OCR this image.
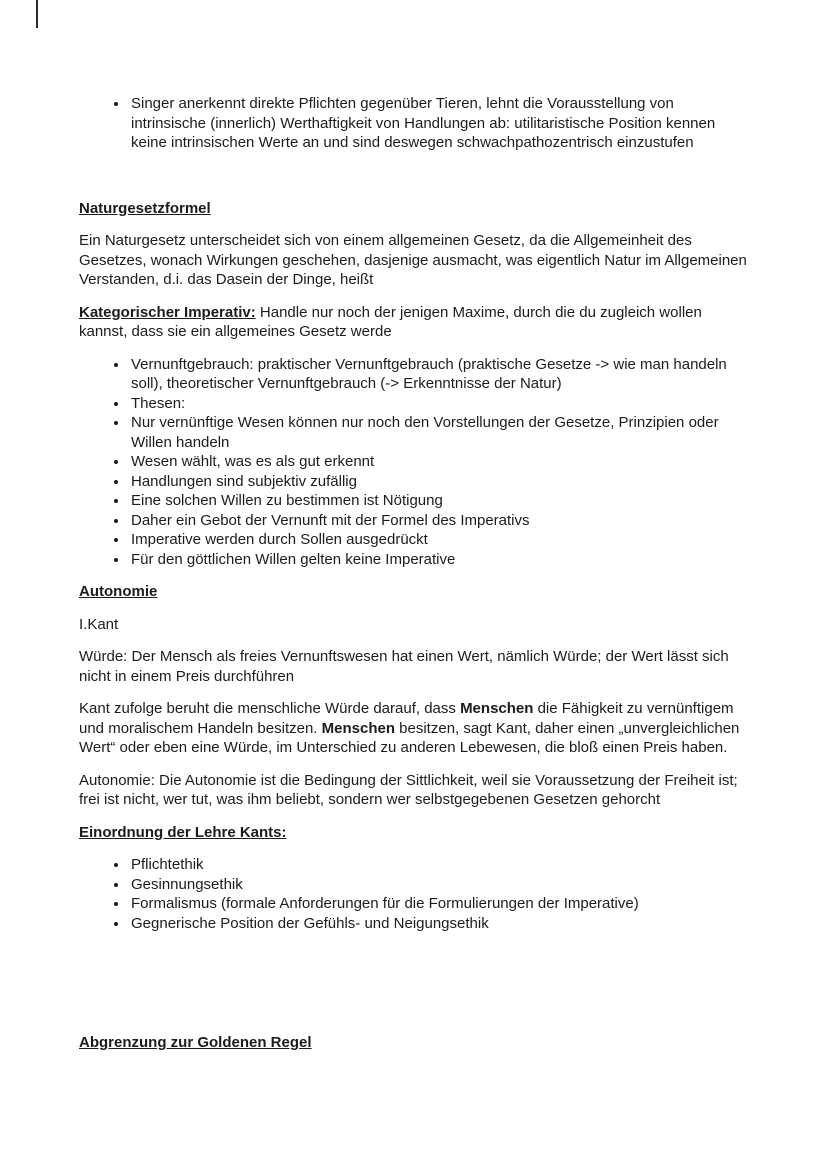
• Singer anerkennt direkte Pflichten gegenüber Tieren, lehnt die Vorausstellung von intrinsische (innerlich) Werthaftigkeit von Handlungen ab: utilitaristische Position kennen keine intrinsischen Werte an und sind deswegen schwachpathozentrisch einzustufen

Naturgesetzformel

Ein Naturgesetz unterscheidet sich von einem allgemeinen Gesetz, da die Allgemeinheit des Gesetzes, wonach Wirkungen geschehen, dasjenige ausmacht, was eigentlich Natur im Allgemeinen Verstanden, d.i. das Dasein der Dinge, heißt

Kategorischer Imperativ: Handle nur noch der jenigen Maxime, durch die du zugleich wollen kannst, dass sie ein allgemeines Gesetz werde

• Vernunftgebrauch: praktischer Vernunftgebrauch (praktische Gesetze -> wie man handeln soll), theoretischer Vernunftgebrauch (-> Erkenntnisse der Natur)
• Thesen:
• Nur vernünftige Wesen können nur noch den Vorstellungen der Gesetze, Prinzipien oder Willen handeln
• Wesen wählt, was es als gut erkennt
• Handlungen sind subjektiv zufällig
• Eine solchen Willen zu bestimmen ist Nötigung
• Daher ein Gebot der Vernunft mit der Formel des Imperativs
• Imperative werden durch Sollen ausgedrückt
• Für den göttlichen Willen gelten keine Imperative

Autonomie

I.Kant

Würde: Der Mensch als freies Vernunftswesen hat einen Wert, nämlich Würde; der Wert lässt sich nicht in einem Preis durchführen

Kant zufolge beruht die menschliche Würde darauf, dass Menschen die Fähigkeit zu vernünftigem und moralischem Handeln besitzen. Menschen besitzen, sagt Kant, daher einen „unvergleichlichen Wert“ oder eben eine Würde, im Unterschied zu anderen Lebewesen, die bloß einen Preis haben.

Autonomie: Die Autonomie ist die Bedingung der Sittlichkeit, weil sie Voraussetzung der Freiheit ist; frei ist nicht, wer tut, was ihm beliebt, sondern wer selbstgegebenen Gesetzen gehorcht

Einordnung der Lehre Kants:

• Pflichtethik
• Gesinnungsethik
• Formalismus (formale Anforderungen für die Formulierungen der Imperative)
• Gegnerische Position der Gefühls- und Neigungsethik

Abgrenzung zur Goldenen Regel
